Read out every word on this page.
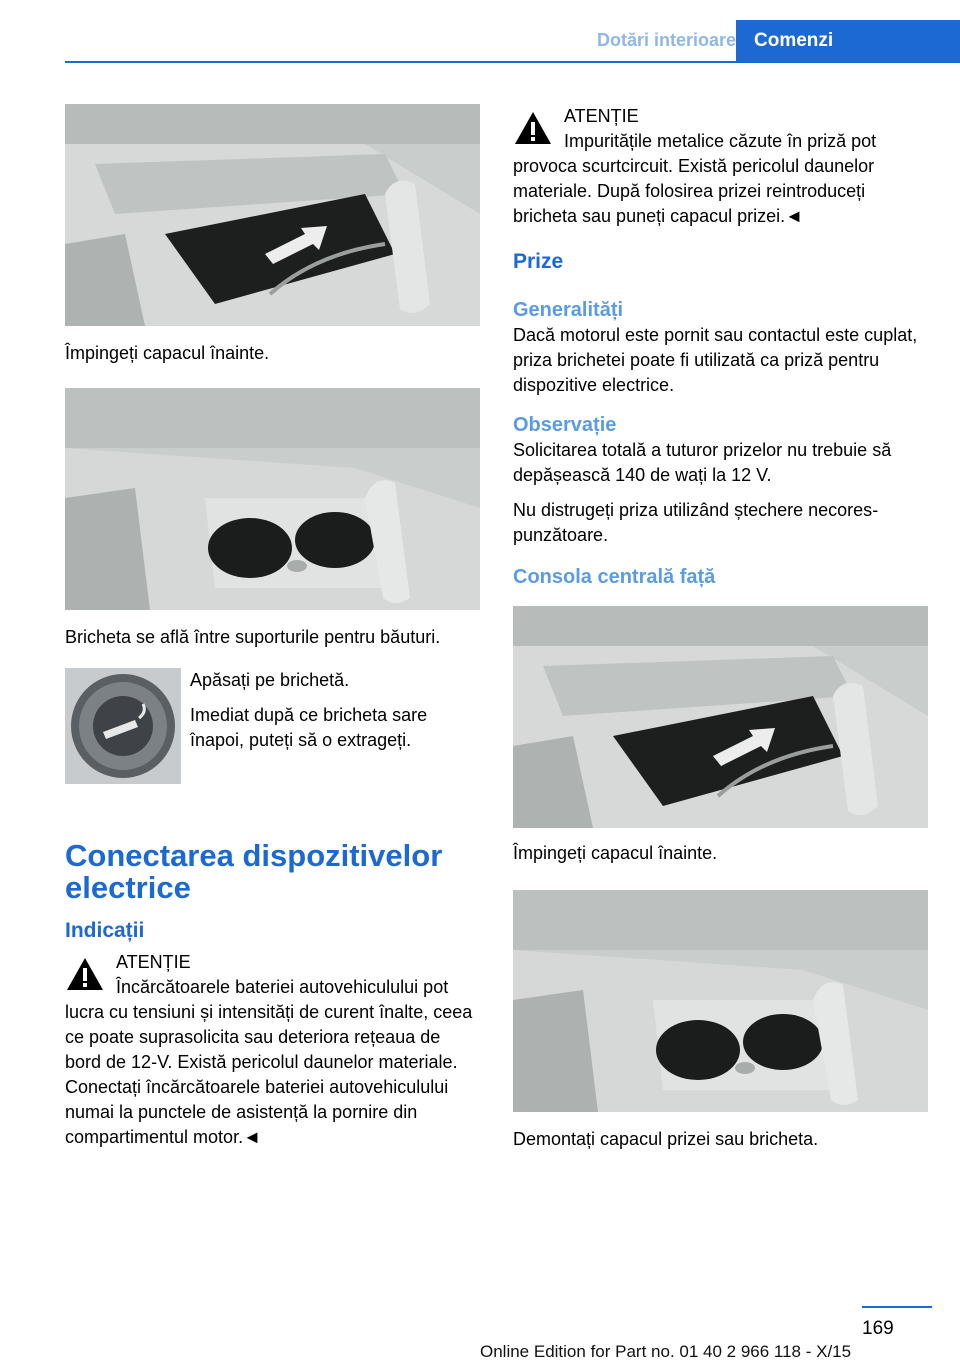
Dotări interioare Comenzi
Împingeți capacul înainte.
Bricheta se află între suporturile pentru băuturi.

Apăsați pe brichetă.

Imediat după ce bricheta sare înapoi, puteți să o extrageți.

Conectarea dispozitivelor electrice
Indicații
ATENȚIE
Încărcătoarele bateriei autovehiculului pot lucra cu tensiuni și intensități de curent înalte, ceea ce poate suprasolicita sau deteriora rețeaua de bord de 12-V. Există pericolul daunelor materiale. Conectați încărcătoarele bateriei autovehiculului numai la punctele de asistență la pornire din compartimentul motor.◄
ATENȚIE
Impuritățile metalice căzute în priză pot provoca scurtcircuit. Există pericolul daunelor materiale. După folosirea prizei reintroduceți bricheta sau puneți capacul prizei.◄
Prize
Generalități

Dacă motorul este pornit sau contactul este cuplat, priza brichetei poate fi utilizată ca priză pentru dispozitive electrice.

Observație

Solicitarea totală a tuturor prizelor nu trebuie să depășească 140 de wați la 12 V.

Nu distrugeți priza utilizând ștechere necorespunzătoare.

Consola centrală față
Împingeți capacul înainte.
Demontați capacul prizei sau bricheta.
169
Online Edition for Part no. 01 40 2 966 118 - X/15
